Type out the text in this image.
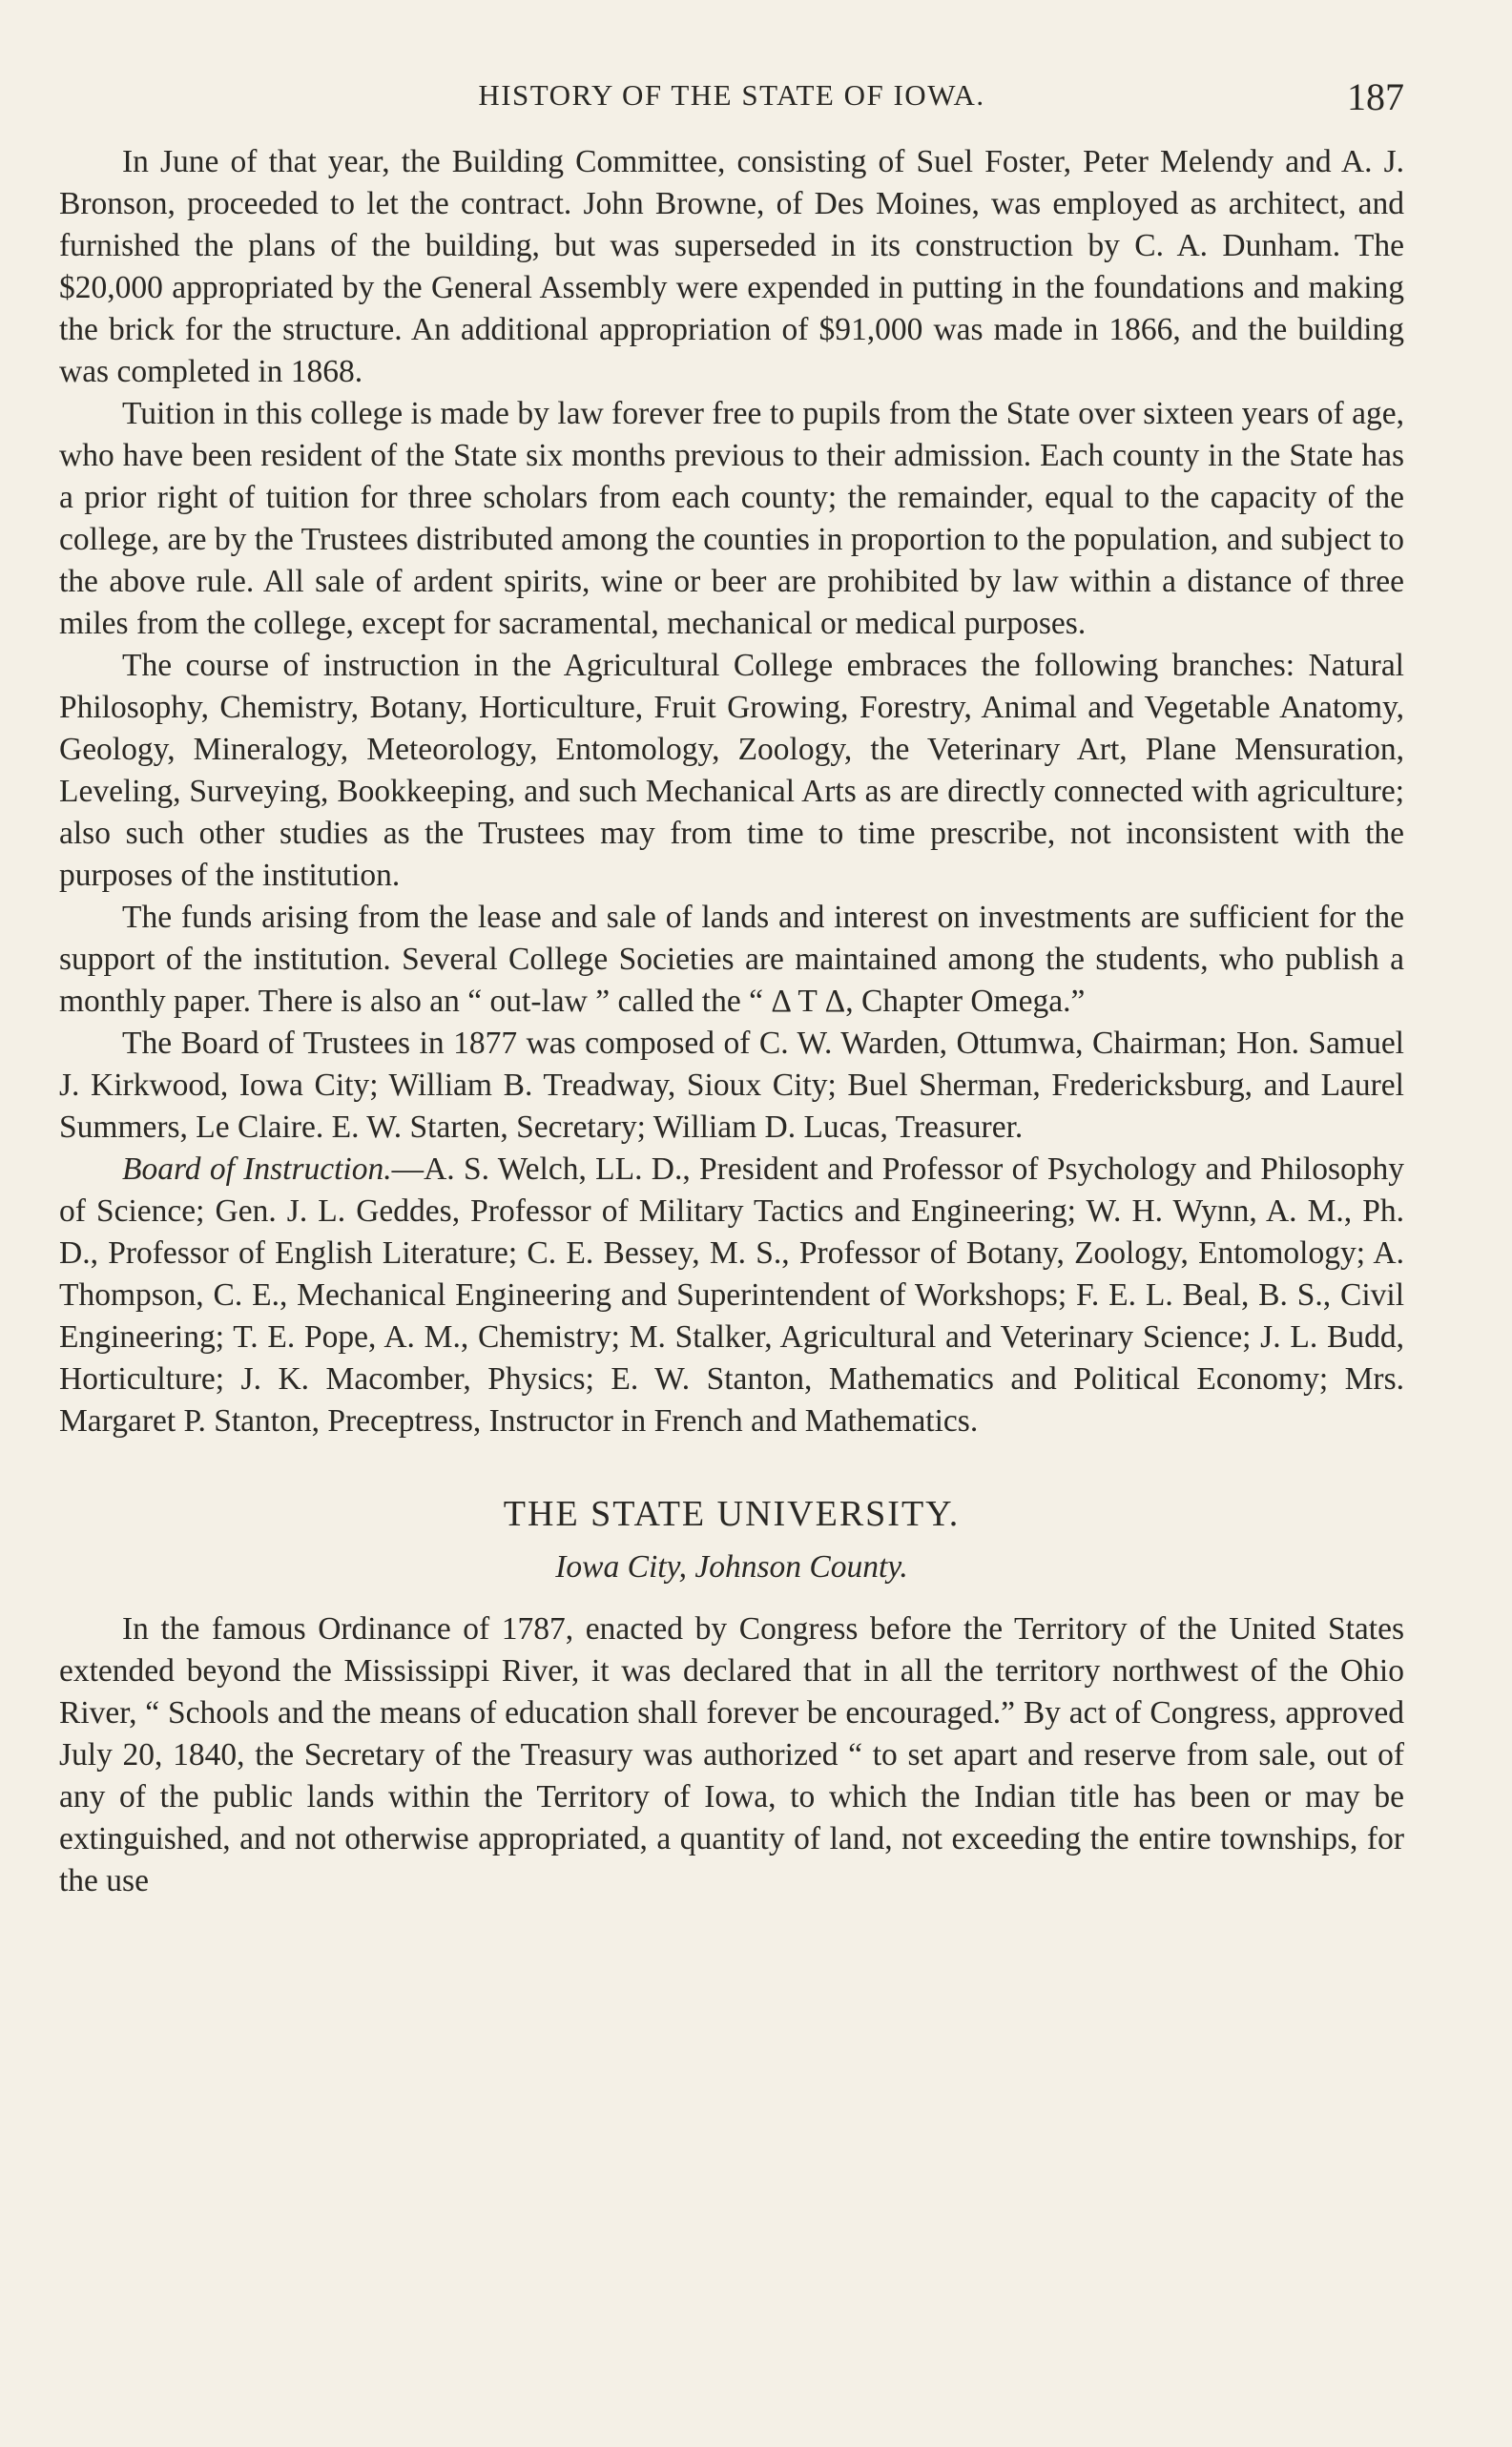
HISTORY OF THE STATE OF IOWA.	187

In June of that year, the Building Committee, consisting of Suel Foster, Peter Melendy and A. J. Bronson, proceeded to let the contract. John Browne, of Des Moines, was employed as architect, and furnished the plans of the building, but was superseded in its construction by C. A. Dunham. The $20,000 appropriated by the General Assembly were expended in putting in the foundations and making the brick for the structure. An additional appropriation of $91,000 was made in 1866, and the building was completed in 1868.

Tuition in this college is made by law forever free to pupils from the State over sixteen years of age, who have been resident of the State six months previous to their admission. Each county in the State has a prior right of tuition for three scholars from each county; the remainder, equal to the capacity of the college, are by the Trustees distributed among the counties in proportion to the population, and subject to the above rule. All sale of ardent spirits, wine or beer are prohibited by law within a distance of three miles from the college, except for sacramental, mechanical or medical purposes.

The course of instruction in the Agricultural College embraces the following branches: Natural Philosophy, Chemistry, Botany, Horticulture, Fruit Growing, Forestry, Animal and Vegetable Anatomy, Geology, Mineralogy, Meteorology, Entomology, Zoology, the Veterinary Art, Plane Mensuration, Leveling, Surveying, Bookkeeping, and such Mechanical Arts as are directly connected with agriculture; also such other studies as the Trustees may from time to time prescribe, not inconsistent with the purposes of the institution.

The funds arising from the lease and sale of lands and interest on investments are sufficient for the support of the institution. Several College Societies are maintained among the students, who publish a monthly paper. There is also an “ out-law ” called the “ Δ T Δ, Chapter Omega.”

The Board of Trustees in 1877 was composed of C. W. Warden, Ottumwa, Chairman; Hon. Samuel J. Kirkwood, Iowa City; William B. Treadway, Sioux City; Buel Sherman, Fredericksburg, and Laurel Summers, Le Claire. E. W. Starten, Secretary; William D. Lucas, Treasurer.

Board of Instruction.—A. S. Welch, LL. D., President and Professor of Psychology and Philosophy of Science; Gen. J. L. Geddes, Professor of Military Tactics and Engineering; W. H. Wynn, A. M., Ph. D., Professor of English Literature; C. E. Bessey, M. S., Professor of Botany, Zoology, Entomology; A. Thompson, C. E., Mechanical Engineering and Superintendent of Workshops; F. E. L. Beal, B. S., Civil Engineering; T. E. Pope, A. M., Chemistry; M. Stalker, Agricultural and Veterinary Science; J. L. Budd, Horticulture; J. K. Macomber, Physics; E. W. Stanton, Mathematics and Political Economy; Mrs. Margaret P. Stanton, Preceptress, Instructor in French and Mathematics.

THE STATE UNIVERSITY.
Iowa City, Johnson County.

In the famous Ordinance of 1787, enacted by Congress before the Territory of the United States extended beyond the Mississippi River, it was declared that in all the territory northwest of the Ohio River, “ Schools and the means of education shall forever be encouraged.” By act of Congress, approved July 20, 1840, the Secretary of the Treasury was authorized “ to set apart and reserve from sale, out of any of the public lands within the Territory of Iowa, to which the Indian title has been or may be extinguished, and not otherwise appropriated, a quantity of land, not exceeding the entire townships, for the use
